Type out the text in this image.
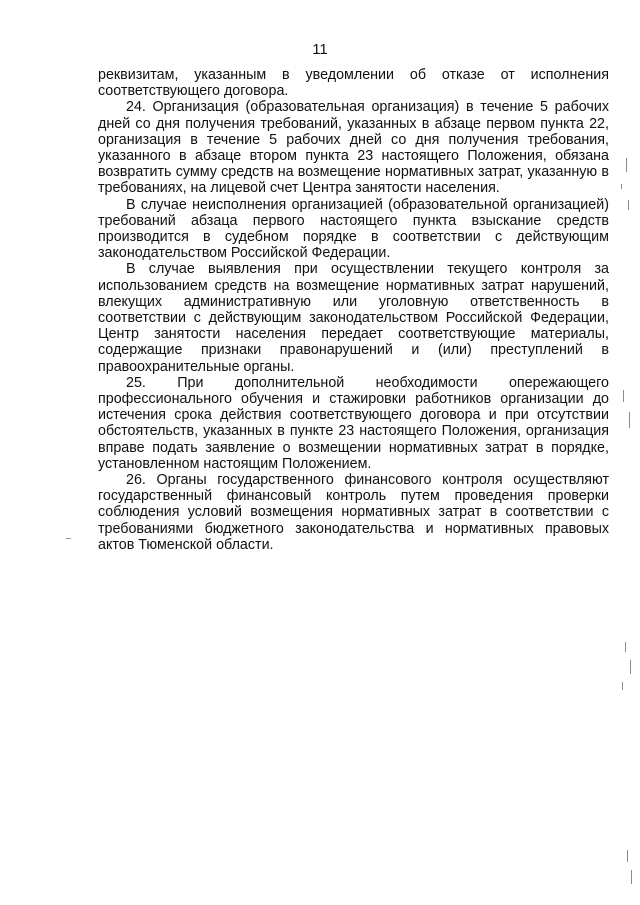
11

реквизитам, указанным в уведомлении об отказе от исполнения соответствующего договора.

24. Организация (образовательная организация) в течение 5 рабочих дней со дня получения требований, указанных в абзаце первом пункта 22, организация в течение 5 рабочих дней со дня получения требования, указанного в абзаце втором пункта 23 настоящего Положения, обязана возвратить сумму средств на возмещение нормативных затрат, указанную в требованиях, на лицевой счет Центра занятости населения.

В случае неисполнения организацией (образовательной организацией) требований абзаца первого настоящего пункта взыскание средств производится в судебном порядке в соответствии с действующим законодательством Российской Федерации.

В случае выявления при осуществлении текущего контроля за использованием средств на возмещение нормативных затрат нарушений, влекущих административную или уголовную ответственность в соответствии с действующим законодательством Российской Федерации, Центр занятости населения передает соответствующие материалы, содержащие признаки правонарушений и (или) преступлений в правоохранительные органы.

25. При дополнительной необходимости опережающего профессионального обучения и стажировки работников организации до истечения срока действия соответствующего договора и при отсутствии обстоятельств, указанных в пункте 23 настоящего Положения, организация вправе подать заявление о возмещении нормативных затрат в порядке, установленном настоящим Положением.

26. Органы государственного финансового контроля осуществляют государственный финансовый контроль путем проведения проверки соблюдения условий возмещения нормативных затрат в соответствии с требованиями бюджетного законодательства и нормативных правовых актов Тюменской области.
